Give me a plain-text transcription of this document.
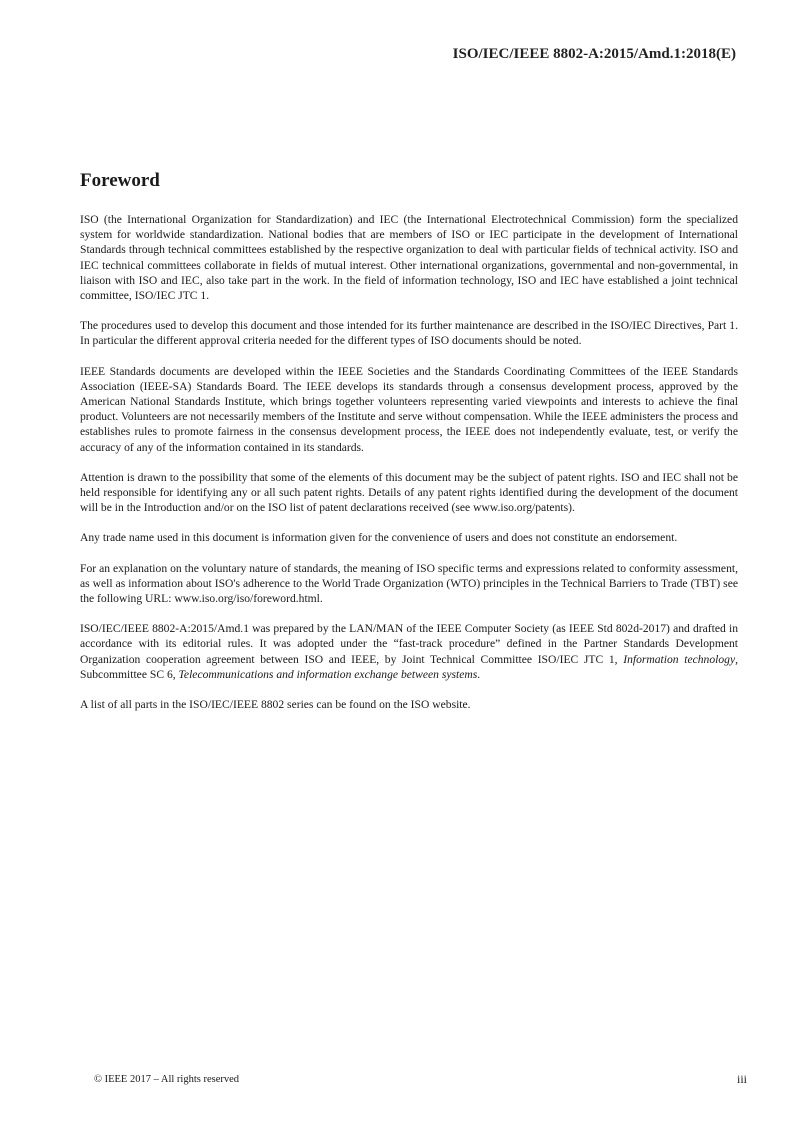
ISO/IEC/IEEE 8802-A:2015/Amd.1:2018(E)
Foreword

ISO (the International Organization for Standardization) and IEC (the International Electrotechnical Commission) form the specialized system for worldwide standardization. National bodies that are members of ISO or IEC participate in the development of International Standards through technical committees established by the respective organization to deal with particular fields of technical activity. ISO and IEC technical committees collaborate in fields of mutual interest. Other international organizations, governmental and non-governmental, in liaison with ISO and IEC, also take part in the work. In the field of information technology, ISO and IEC have established a joint technical committee, ISO/IEC JTC 1.

The procedures used to develop this document and those intended for its further maintenance are described in the ISO/IEC Directives, Part 1. In particular the different approval criteria needed for the different types of ISO documents should be noted.

IEEE Standards documents are developed within the IEEE Societies and the Standards Coordinating Committees of the IEEE Standards Association (IEEE-SA) Standards Board. The IEEE develops its standards through a consensus development process, approved by the American National Standards Institute, which brings together volunteers representing varied viewpoints and interests to achieve the final product. Volunteers are not necessarily members of the Institute and serve without compensation. While the IEEE administers the process and establishes rules to promote fairness in the consensus development process, the IEEE does not independently evaluate, test, or verify the accuracy of any of the information contained in its standards.

Attention is drawn to the possibility that some of the elements of this document may be the subject of patent rights. ISO and IEC shall not be held responsible for identifying any or all such patent rights. Details of any patent rights identified during the development of the document will be in the Introduction and/or on the ISO list of patent declarations received (see www.iso.org/patents).

Any trade name used in this document is information given for the convenience of users and does not constitute an endorsement.

For an explanation on the voluntary nature of standards, the meaning of ISO specific terms and expressions related to conformity assessment, as well as information about ISO's adherence to the World Trade Organization (WTO) principles in the Technical Barriers to Trade (TBT) see the following URL: www.iso.org/iso/foreword.html.

ISO/IEC/IEEE 8802-A:2015/Amd.1 was prepared by the LAN/MAN of the IEEE Computer Society (as IEEE Std 802d-2017) and drafted in accordance with its editorial rules. It was adopted under the “fast-track procedure” defined in the Partner Standards Development Organization cooperation agreement between ISO and IEEE, by Joint Technical Committee ISO/IEC JTC 1, Information technology, Subcommittee SC 6, Telecommunications and information exchange between systems.

A list of all parts in the ISO/IEC/IEEE 8802 series can be found on the ISO website.

© IEEE 2017 – All rights reserved	iii
